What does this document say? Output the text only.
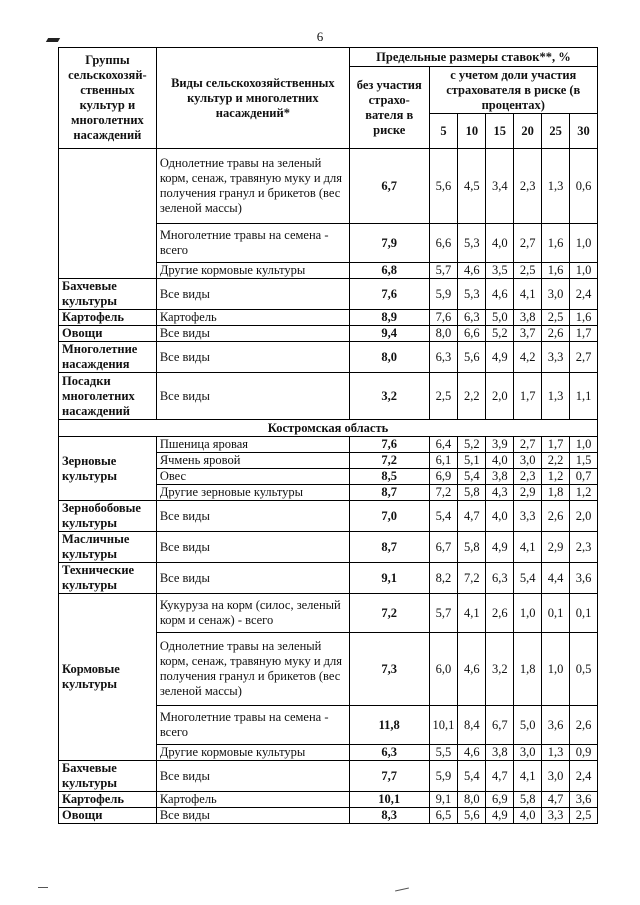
6
Группы сельскохозяй-ственных культур и многолетних насаждений	Виды сельскохозяйственных культур и многолетних насаждений*	Предельные размеры ставок**, %						
		без участия страхо-вателя в риске	с учетом доли участия страхователя в риске (в процентах)					
			5	10	15	20	25	30
	Однолетние травы на зеленый корм, сенаж, травяную муку и для получения гранул и брикетов (вес зеленой массы)	6,7	5,6	4,5	3,4	2,3	1,3	0,6
	Многолетние травы на семена - всего	7,9	6,6	5,3	4,0	2,7	1,6	1,0
	Другие кормовые культуры	6,8	5,7	4,6	3,5	2,5	1,6	1,0
Бахчевые культуры	Все виды	7,6	5,9	5,3	4,6	4,1	3,0	2,4
Картофель	Картофель	8,9	7,6	6,3	5,0	3,8	2,5	1,6
Овощи	Все виды	9,4	8,0	6,6	5,2	3,7	2,6	1,7
Многолетние насаждения	Все виды	8,0	6,3	5,6	4,9	4,2	3,3	2,7
Посадки многолетних насаждений	Все виды	3,2	2,5	2,2	2,0	1,7	1,3	1,1
Костромская область								
Зерновые культуры	Пшеница яровая	7,6	6,4	5,2	3,9	2,7	1,7	1,0
	Ячмень яровой	7,2	6,1	5,1	4,0	3,0	2,2	1,5
	Овес	8,5	6,9	5,4	3,8	2,3	1,2	0,7
	Другие зерновые культуры	8,7	7,2	5,8	4,3	2,9	1,8	1,2
Зернобобовые культуры	Все виды	7,0	5,4	4,7	4,0	3,3	2,6	2,0
Масличные культуры	Все виды	8,7	6,7	5,8	4,9	4,1	2,9	2,3
Технические культуры	Все виды	9,1	8,2	7,2	6,3	5,4	4,4	3,6
Кормовые культуры	Кукуруза на корм (силос, зеленый корм и сенаж) - всего	7,2	5,7	4,1	2,6	1,0	0,1	0,1
	Однолетние травы на зеленый корм, сенаж, травяную муку и для получения гранул и брикетов (вес зеленой массы)	7,3	6,0	4,6	3,2	1,8	1,0	0,5
	Многолетние травы на семена - всего	11,8	10,1	8,4	6,7	5,0	3,6	2,6
	Другие кормовые культуры	6,3	5,5	4,6	3,8	3,0	1,3	0,9
Бахчевые культуры	Все виды	7,7	5,9	5,4	4,7	4,1	3,0	2,4
Картофель	Картофель	10,1	9,1	8,0	6,9	5,8	4,7	3,6
Овощи	Все виды	8,3	6,5	5,6	4,9	4,0	3,3	2,5
